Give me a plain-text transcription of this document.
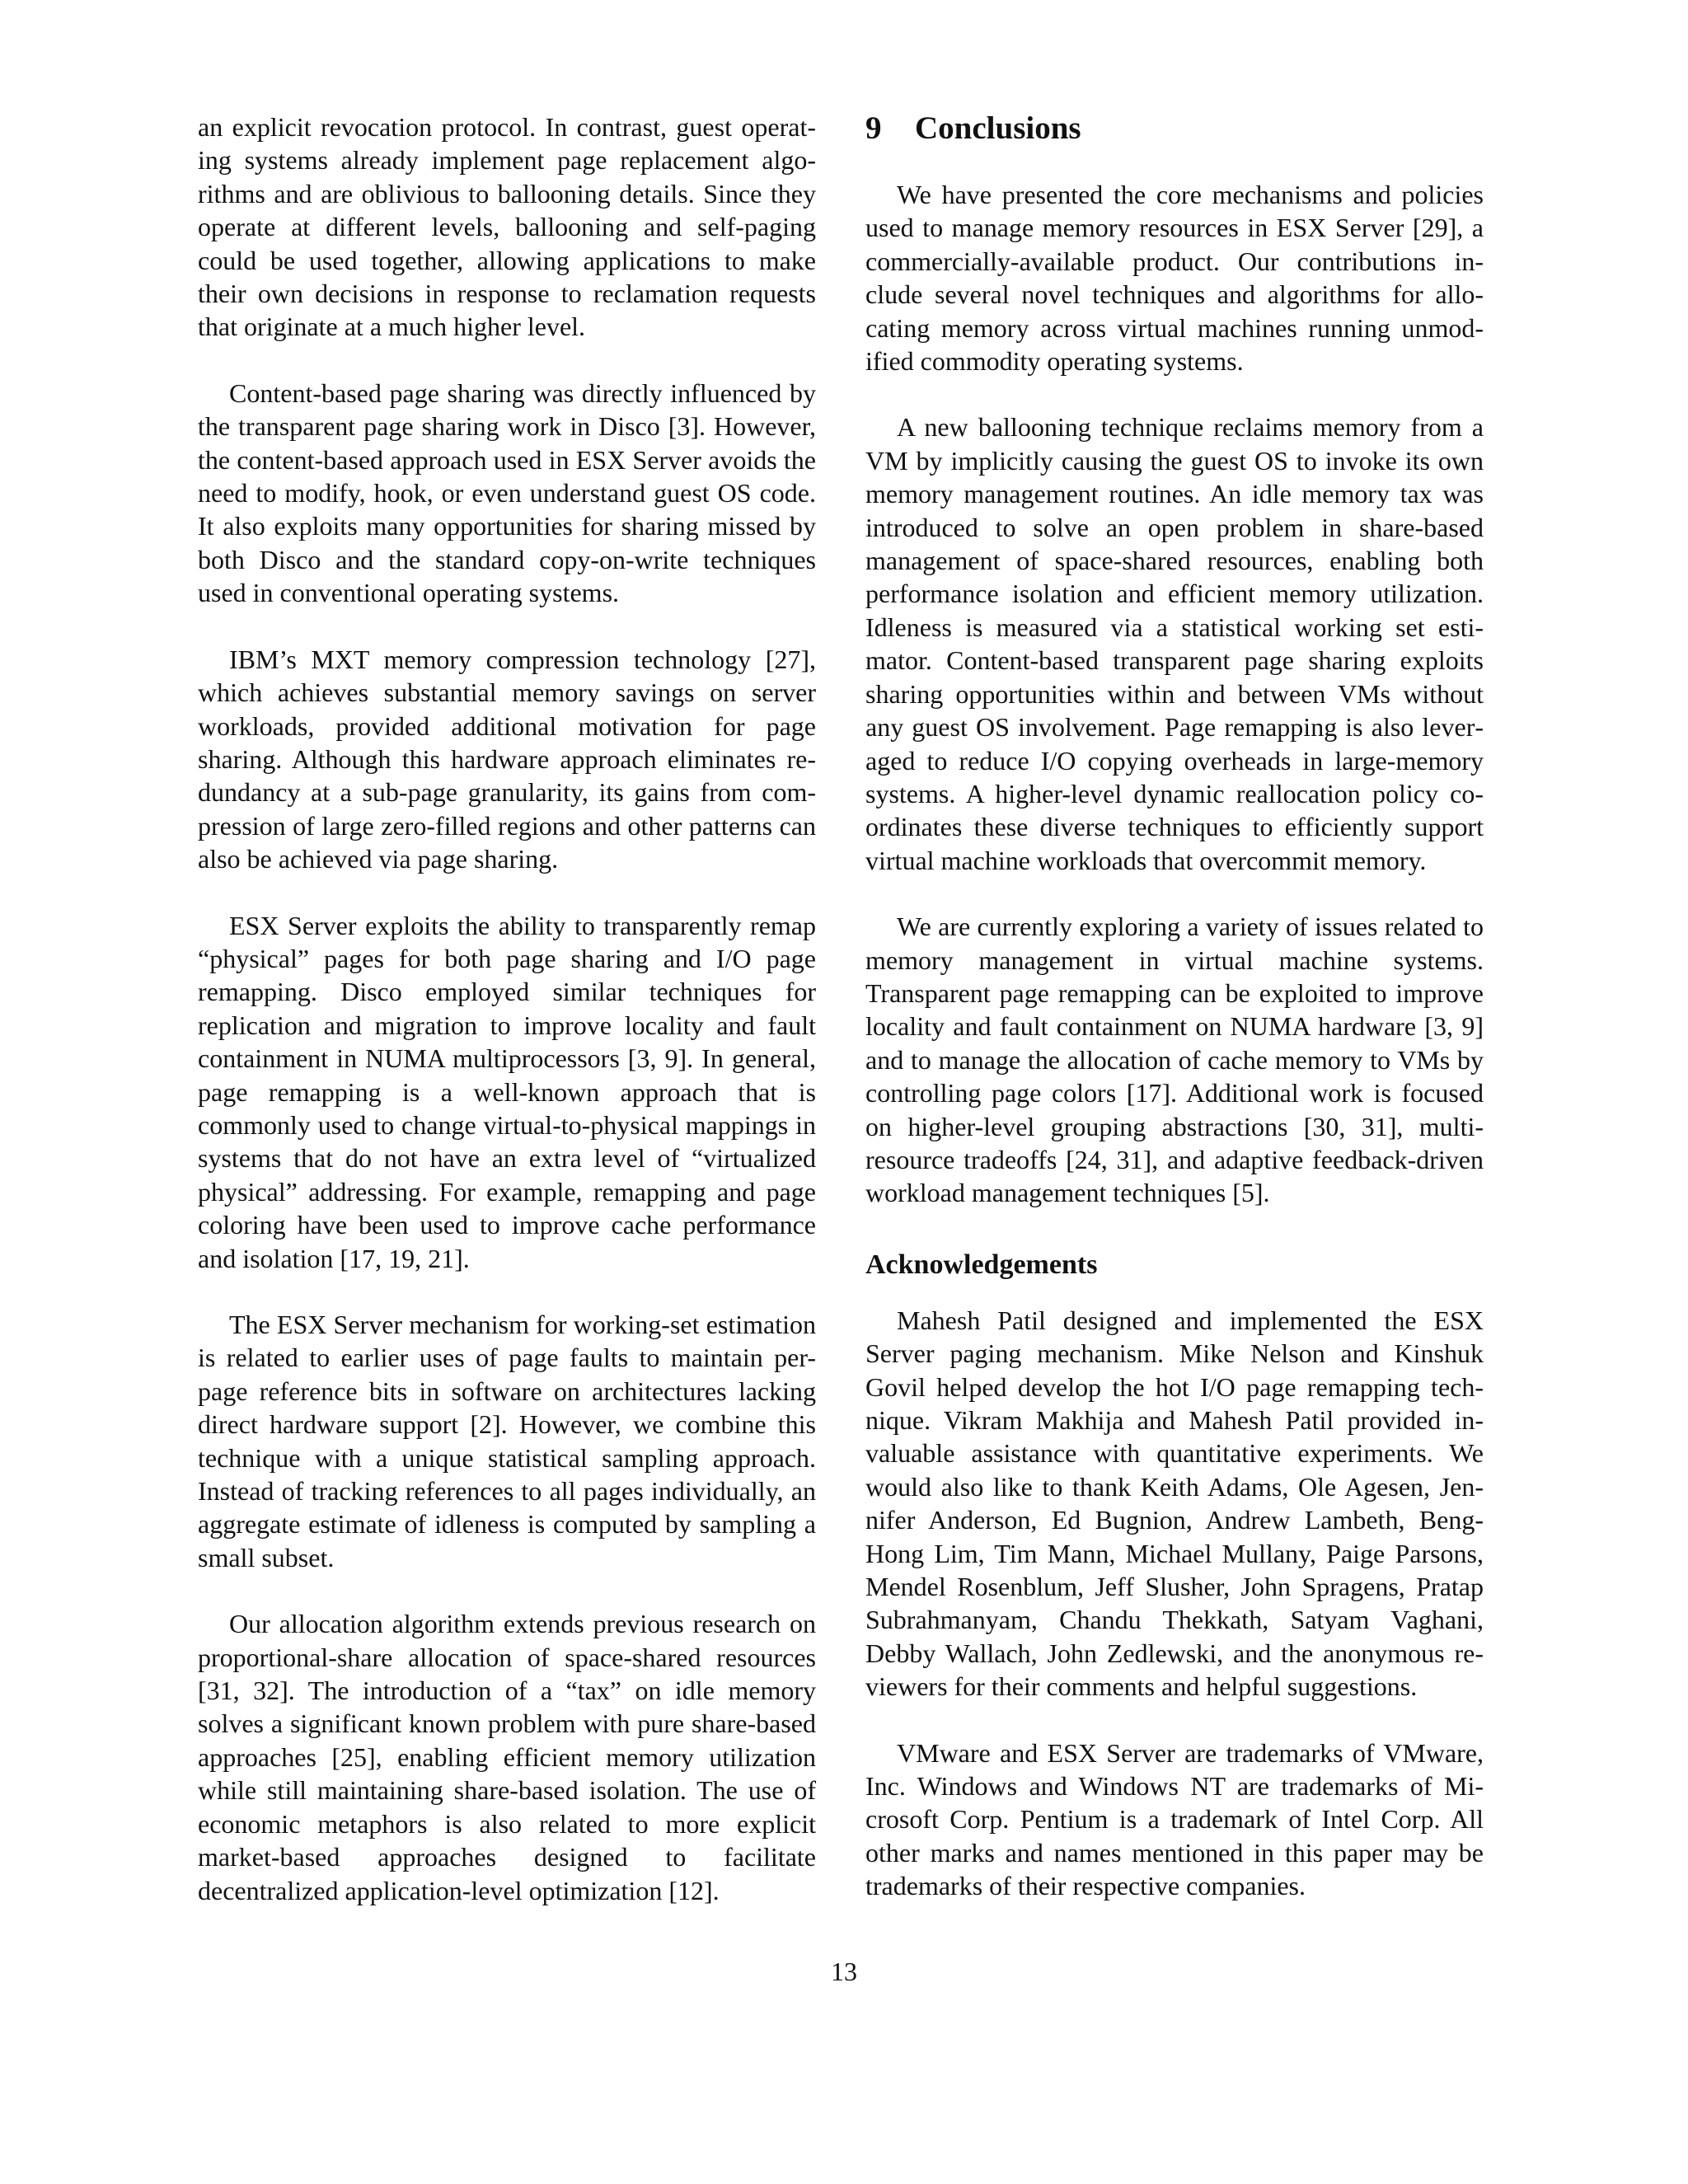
an explicit revocation protocol. In contrast, guest operating systems already implement page replacement algorithms and are oblivious to ballooning details. Since they operate at different levels, ballooning and self-paging could be used together, allowing applications to make their own decisions in response to reclamation requests that originate at a much higher level.

Content-based page sharing was directly influenced by the transparent page sharing work in Disco [3]. However, the content-based approach used in ESX Server avoids the need to modify, hook, or even understand guest OS code. It also exploits many opportunities for sharing missed by both Disco and the standard copy-on-write techniques used in conventional operating systems.

IBM’s MXT memory compression technology [27], which achieves substantial memory savings on server workloads, provided additional motivation for page sharing. Although this hardware approach eliminates redundancy at a sub-page granularity, its gains from compression of large zero-filled regions and other patterns can also be achieved via page sharing.

ESX Server exploits the ability to transparently remap “physical” pages for both page sharing and I/O page remapping. Disco employed similar techniques for replication and migration to improve locality and fault containment in NUMA multiprocessors [3, 9]. In general, page remapping is a well-known approach that is commonly used to change virtual-to-physical mappings in systems that do not have an extra level of “virtualized physical” addressing. For example, remapping and page coloring have been used to improve cache performance and isolation [17, 19, 21].

The ESX Server mechanism for working-set estimation is related to earlier uses of page faults to maintain per-page reference bits in software on architectures lacking direct hardware support [2]. However, we combine this technique with a unique statistical sampling approach. Instead of tracking references to all pages individually, an aggregate estimate of idleness is computed by sampling a small subset.

Our allocation algorithm extends previous research on proportional-share allocation of space-shared resources [31, 32]. The introduction of a “tax” on idle memory solves a significant known problem with pure share-based approaches [25], enabling efficient memory utilization while still maintaining share-based isolation. The use of economic metaphors is also related to more explicit market-based approaches designed to facilitate decentralized application-level optimization [12].

9 Conclusions

We have presented the core mechanisms and policies used to manage memory resources in ESX Server [29], a commercially-available product. Our contributions include several novel techniques and algorithms for allocating memory across virtual machines running unmodified commodity operating systems.

A new ballooning technique reclaims memory from a VM by implicitly causing the guest OS to invoke its own memory management routines. An idle memory tax was introduced to solve an open problem in share-based management of space-shared resources, enabling both performance isolation and efficient memory utilization. Idleness is measured via a statistical working set estimator. Content-based transparent page sharing exploits sharing opportunities within and between VMs without any guest OS involvement. Page remapping is also leveraged to reduce I/O copying overheads in large-memory systems. A higher-level dynamic reallocation policy coordinates these diverse techniques to efficiently support virtual machine workloads that overcommit memory.

We are currently exploring a variety of issues related to memory management in virtual machine systems. Transparent page remapping can be exploited to improve locality and fault containment on NUMA hardware [3, 9] and to manage the allocation of cache memory to VMs by controlling page colors [17]. Additional work is focused on higher-level grouping abstractions [30, 31], multi-resource tradeoffs [24, 31], and adaptive feedback-driven workload management techniques [5].

Acknowledgements

Mahesh Patil designed and implemented the ESX Server paging mechanism. Mike Nelson and Kinshuk Govil helped develop the hot I/O page remapping technique. Vikram Makhija and Mahesh Patil provided invaluable assistance with quantitative experiments. We would also like to thank Keith Adams, Ole Agesen, Jennifer Anderson, Ed Bugnion, Andrew Lambeth, Beng-Hong Lim, Tim Mann, Michael Mullany, Paige Parsons, Mendel Rosenblum, Jeff Slusher, John Spragens, Pratap Subrahmanyam, Chandu Thekkath, Satyam Vaghani, Debby Wallach, John Zedlewski, and the anonymous reviewers for their comments and helpful suggestions.

VMware and ESX Server are trademarks of VMware, Inc. Windows and Windows NT are trademarks of Microsoft Corp. Pentium is a trademark of Intel Corp. All other marks and names mentioned in this paper may be trademarks of their respective companies.

13
